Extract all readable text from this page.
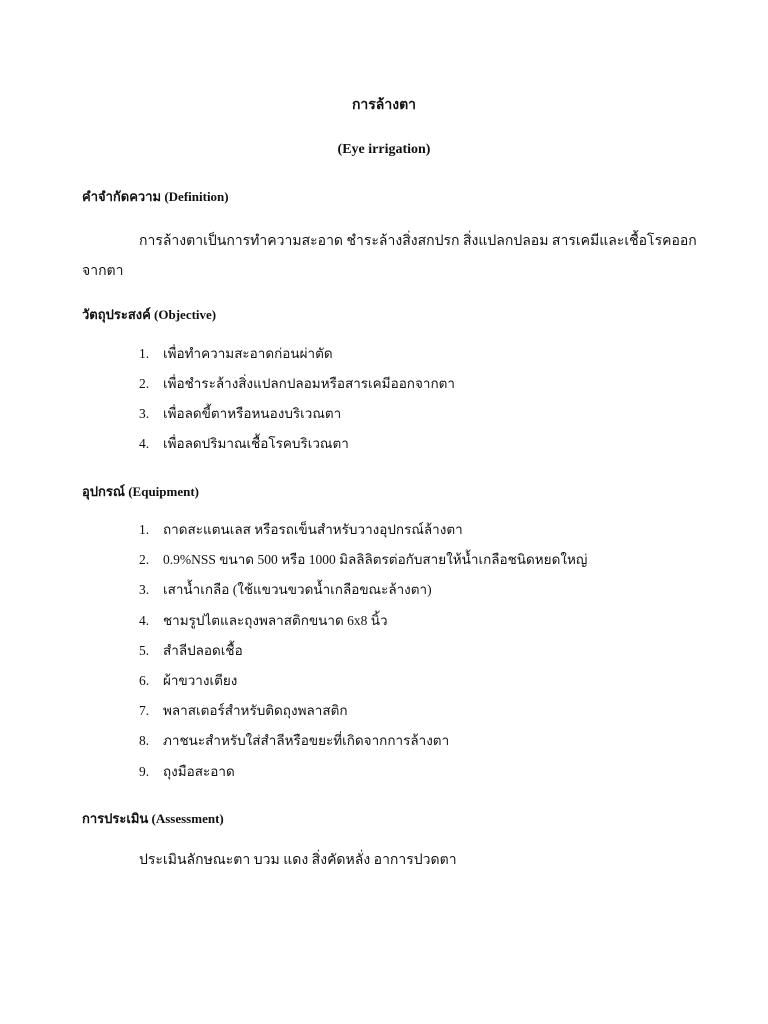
การล้างตา
(Eye irrigation)
คำจำกัดความ (Definition)
การล้างตาเป็นการทำความสะอาด ชำระล้างสิ่งสกปรก สิ่งแปลกปลอม สารเคมีและเชื้อโรคออก
จากตา
วัตถุประสงค์ (Objective)
1.	เพื่อทำความสะอาดก่อนผ่าตัด
2.	เพื่อชำระล้างสิ่งแปลกปลอมหรือสารเคมีออกจากตา
3.	เพื่อลดขี้ตาหรือหนองบริเวณตา
4.	เพื่อลดปริมาณเชื้อโรคบริเวณตา
อุปกรณ์ (Equipment)
1.	ถาดสะแตนเลส หรือรถเข็นสำหรับวางอุปกรณ์ล้างตา
2.	0.9%NSS ขนาด 500 หรือ 1000 มิลลิลิตรต่อกับสายให้น้ำเกลือชนิดหยดใหญ่
3.	เสาน้ำเกลือ (ใช้แขวนขวดน้ำเกลือขณะล้างตา)
4.	ชามรูปไตและถุงพลาสติกขนาด 6x8 นิ้ว
5.	สำลีปลอดเชื้อ
6.	ผ้าขวางเตียง
7.	พลาสเตอร์สำหรับติดถุงพลาสติก
8.	ภาชนะสำหรับใส่สำลีหรือขยะที่เกิดจากการล้างตา
9.	ถุงมือสะอาด
การประเมิน (Assessment)
ประเมินลักษณะตา บวม แดง สิ่งคัดหลั่ง อาการปวดตา
